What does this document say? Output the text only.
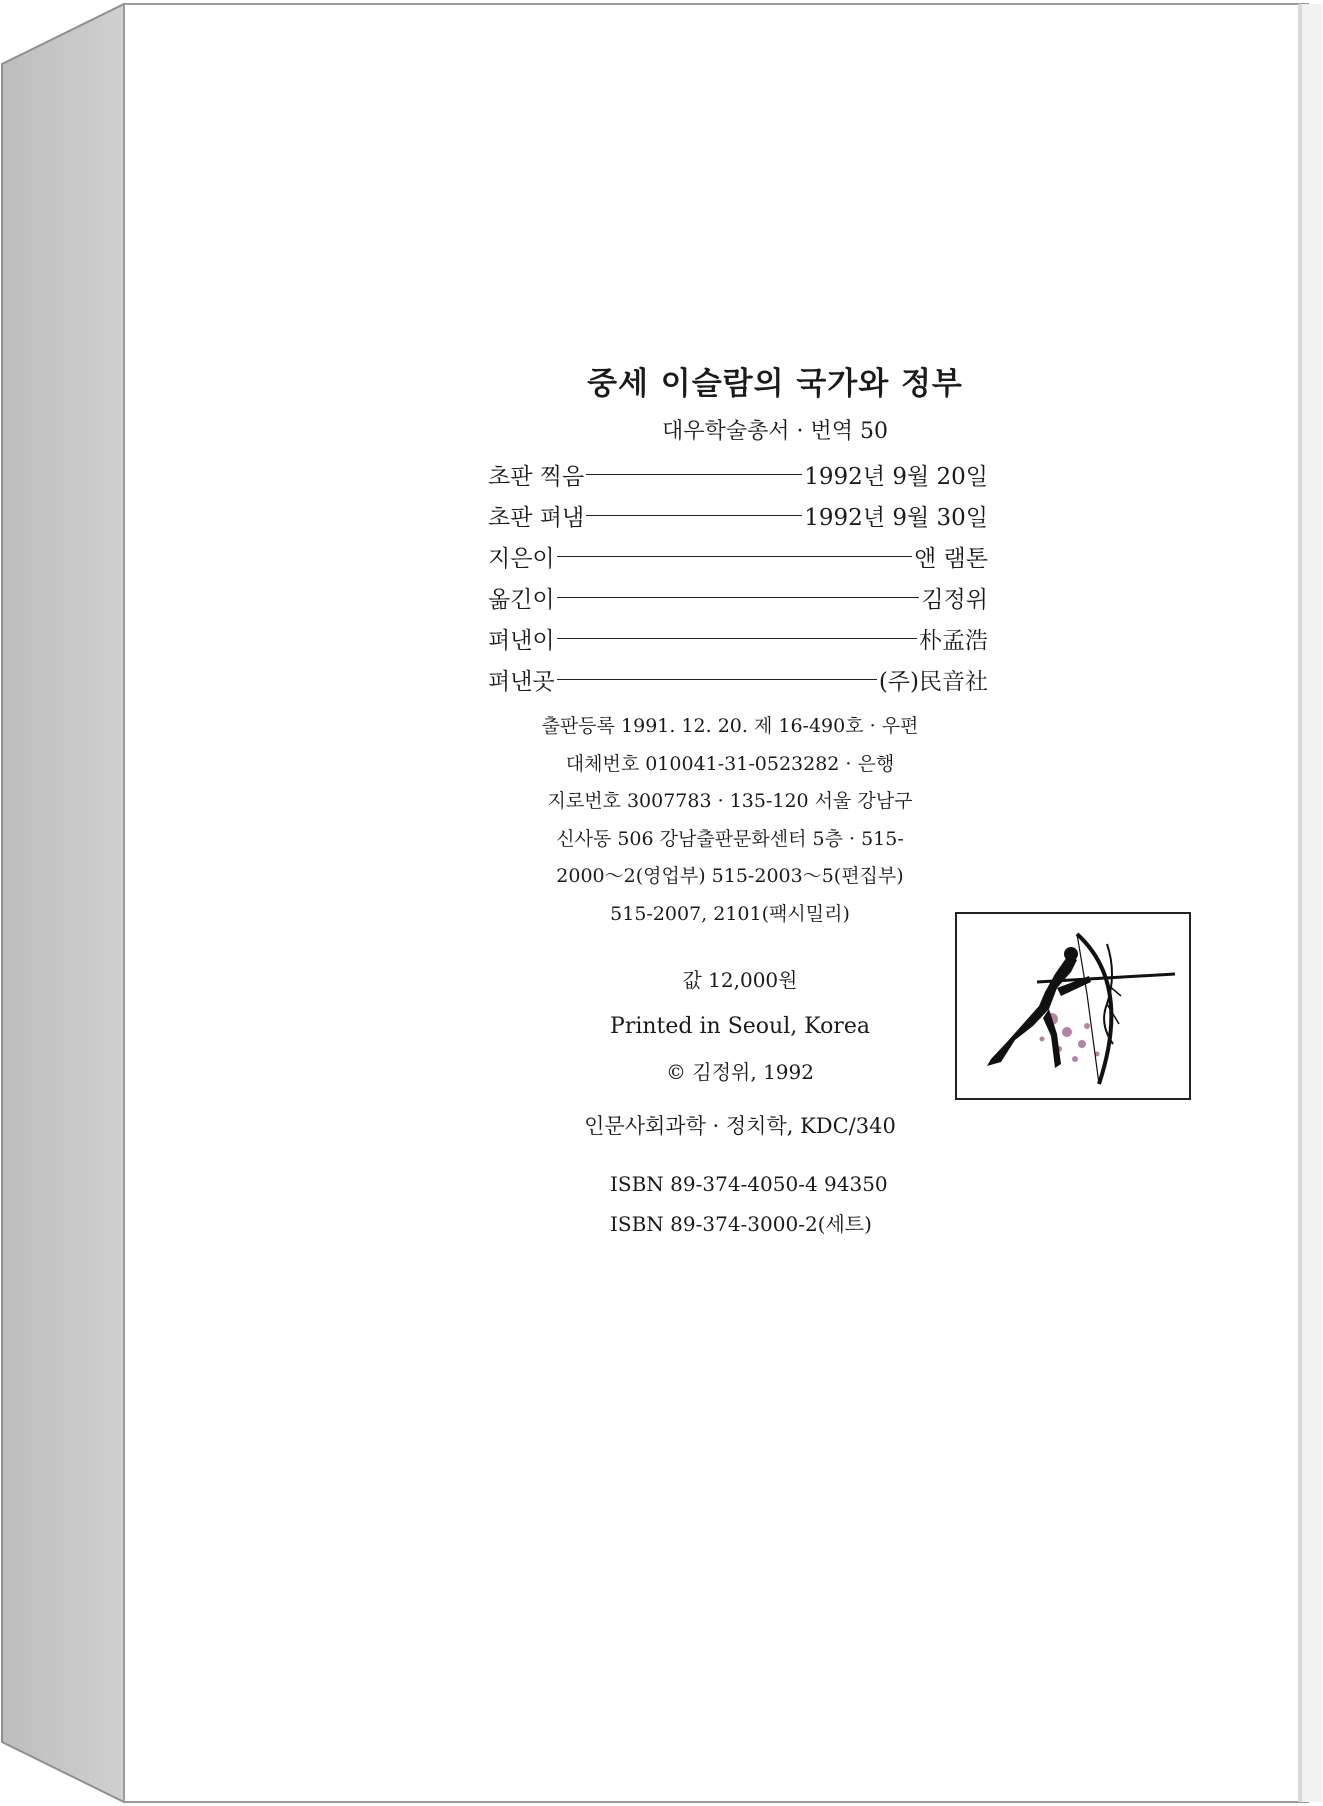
중세 이슬람의 국가와 정부
대우학술총서 · 번역 50
초판 찍음	1992년 9월 20일
초판 펴냄	1992년 9월 30일
지은이	앤 램톤
옮긴이	김정위
펴낸이	朴孟浩
펴낸곳	(주)民音社
출판등록 1991. 12. 20. 제 16-490호 · 우편
대체번호 010041-31-0523282 · 은행
지로번호 3007783 · 135-120 서울 강남구
신사동 506 강남출판문화센터 5층 · 515-
2000～2(영업부) 515-2003～5(편집부)
515-2007, 2101(팩시밀리)
값 12,000원
Printed in Seoul, Korea
© 김정위, 1992
인문사회과학 · 정치학, KDC/340
ISBN 89-374-4050-4 94350
ISBN 89-374-3000-2(세트)
